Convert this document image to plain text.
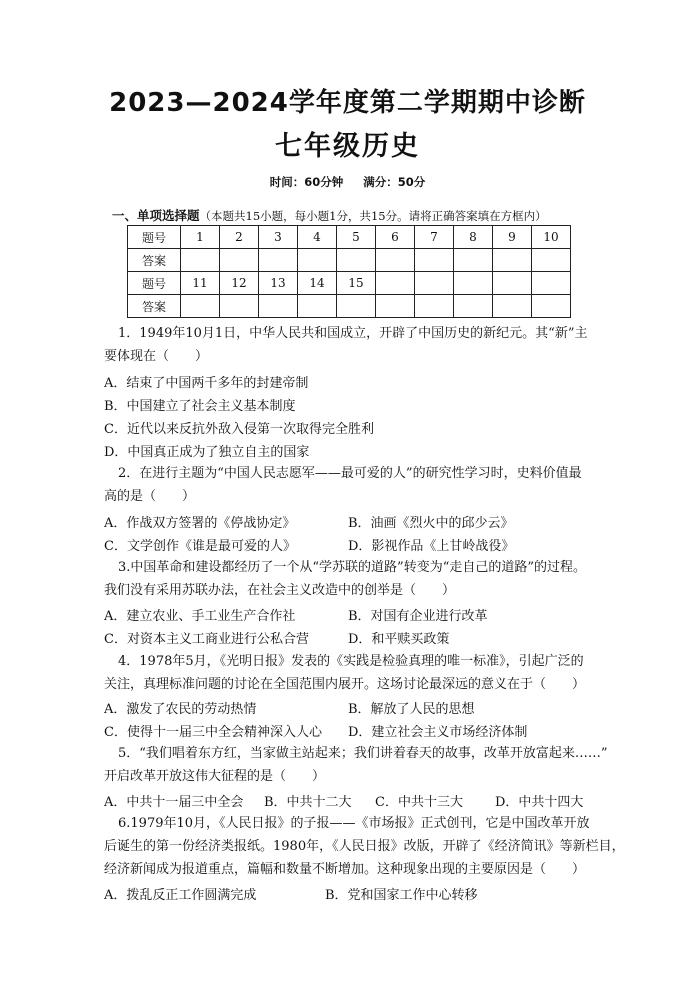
2023—2024学年度第二学期期中诊断
七年级历史
时间：60分钟 满分：50分
一、单项选择题（本题共15小题，每小题1分，共15分。请将正确答案填在方框内）
题号	1	2	3	4	5	6	7	8	9	10
答案										
题号	11	12	13	14	15					
答案										
1．1949年10月1日，中华人民共和国成立，开辟了中国历史的新纪元。其“新”主
要体现在（　　）
A．结束了中国两千多年的封建帝制
B．中国建立了社会主义基本制度
C．近代以来反抗外敌入侵第一次取得完全胜利
D．中国真正成为了独立自主的国家
2．在进行主题为“中国人民志愿军——最可爱的人”的研究性学习时，史料价值最
高的是（　　）
A．作战双方签署的《停战协定》	B．油画《烈火中的邱少云》
C．文学创作《谁是最可爱的人》	D．影视作品《上甘岭战役》
3.中国革命和建设都经历了一个从“学苏联的道路”转变为“走自己的道路”的过程。
我们没有采用苏联办法，在社会主义改造中的创举是（　　）
A．建立农业、手工业生产合作社	B．对国有企业进行改革
C．对资本主义工商业进行公私合营	D．和平赎买政策
4．1978年5月，《光明日报》发表的《实践是检验真理的唯一标准》，引起广泛的
关注，真理标准问题的讨论在全国范围内展开。这场讨论最深远的意义在于（　　）
A．激发了农民的劳动热情	B．解放了人民的思想
C．使得十一届三中全会精神深入人心 D．建立社会主义市场经济体制
5．“我们唱着东方红，当家做主站起来；我们讲着春天的故事，改革开放富起来……”
开启改革开放这伟大征程的是（　　）
A．中共十一届三中全会 B．中共十二大 C．中共十三大 D．中共十四大
6.1979年10月，《人民日报》的子报——《市场报》正式创刊，它是中国改革开放
后诞生的第一份经济类报纸。1980年，《人民日报》改版，开辟了《经济简讯》等新栏目，
经济新闻成为报道重点，篇幅和数量不断增加。这种现象出现的主要原因是（　　）
A．拨乱反正工作圆满完成	B．党和国家工作中心转移
